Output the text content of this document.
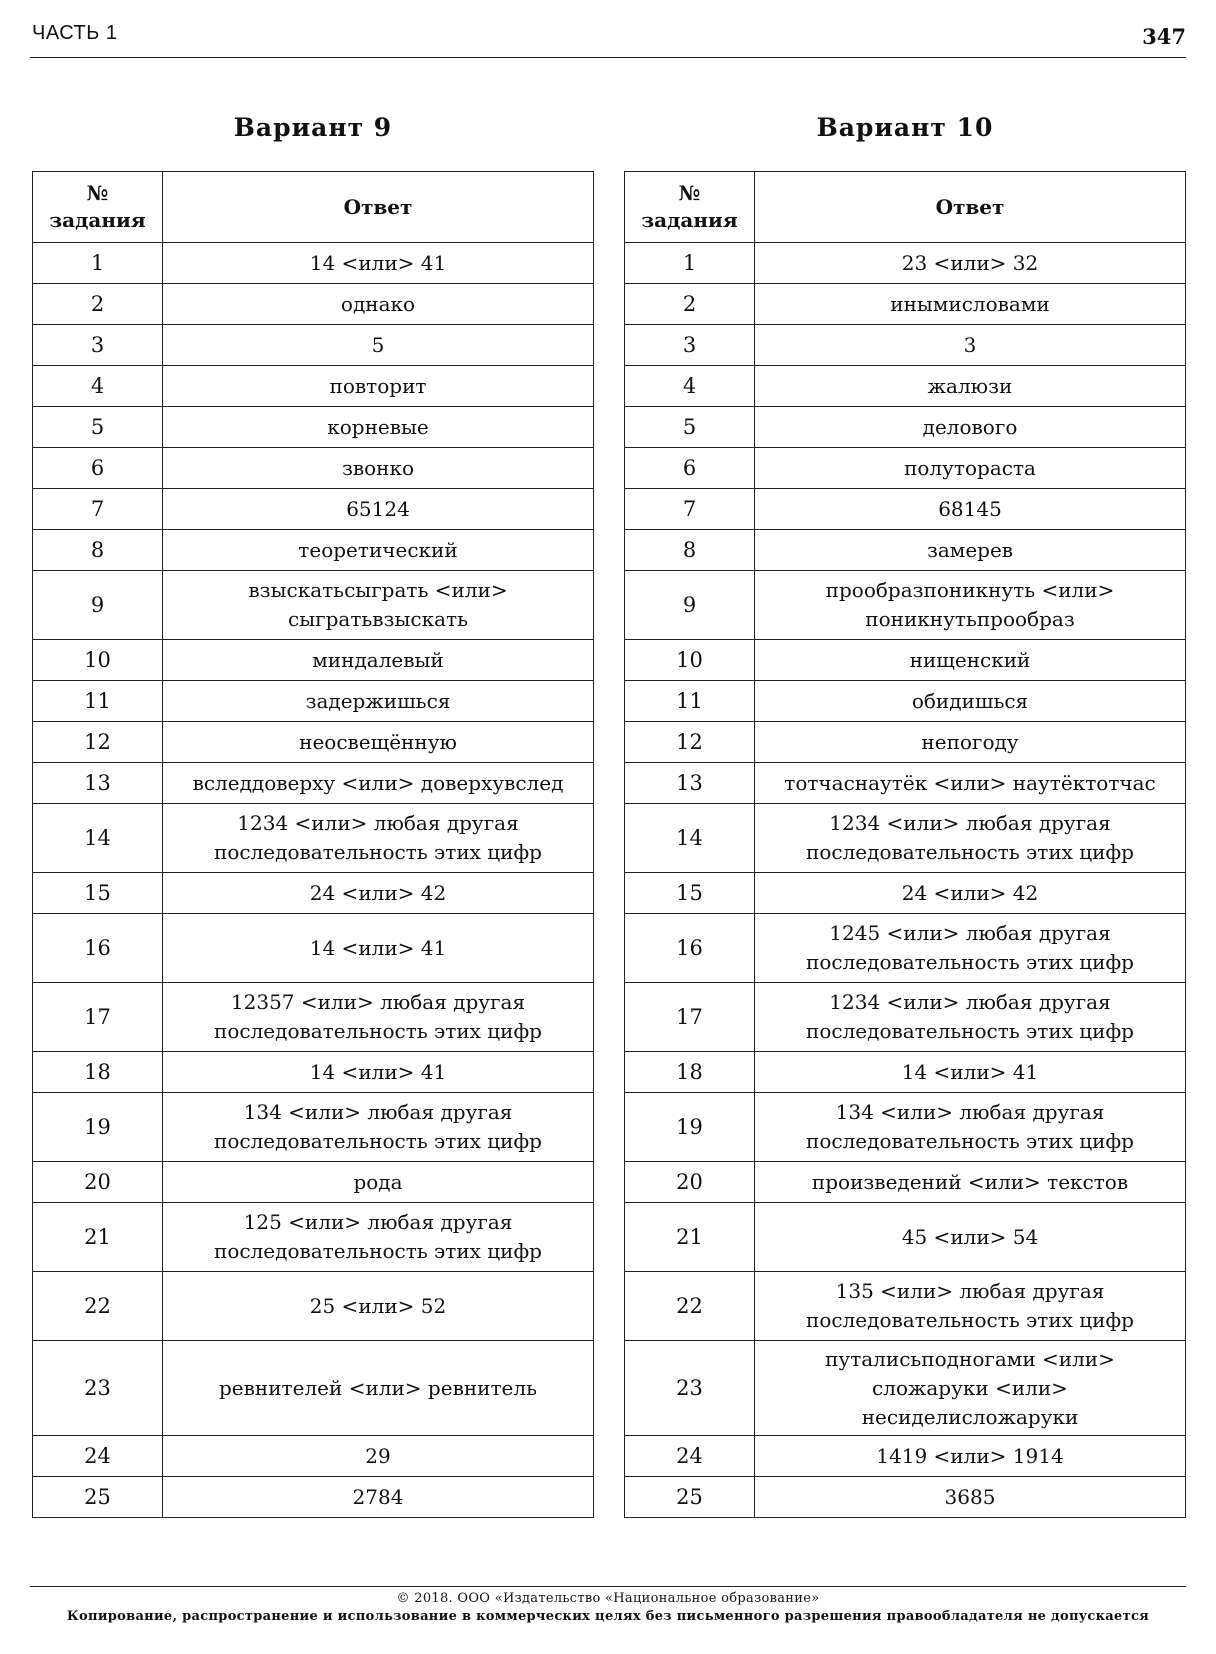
ЧАСТЬ 1	347
Вариант 9	Вариант 10
№
задания	Ответ
1	14 <или> 41
2	однако
3	5
4	повторит
5	корневые
6	звонко
7	65124
8	теоретический
9	взыскатьсыграть <или>
сыгратьвзыскать
10	миндалевый
11	задержишься
12	неосвещённую
13	вследдоверху <или> доверхувслед
14	1234 <или> любая другая
последовательность этих цифр
15	24 <или> 42
16	14 <или> 41
17	12357 <или> любая другая
последовательность этих цифр
18	14 <или> 41
19	134 <или> любая другая
последовательность этих цифр
20	рода
21	125 <или> любая другая
последовательность этих цифр
22	25 <или> 52
23	ревнителей <или> ревнитель
24	29
25	2784
№
задания	Ответ
1	23 <или> 32
2	инымисловами
3	3
4	жалюзи
5	делового
6	полутораста
7	68145
8	замерев
9	прообразпоникнуть <или>
поникнутьпрообраз
10	нищенский
11	обидишься
12	непогоду
13	тотчаснаутёк <или> наутёктотчас
14	1234 <или> любая другая
последовательность этих цифр
15	24 <или> 42
16	1245 <или> любая другая
последовательность этих цифр
17	1234 <или> любая другая
последовательность этих цифр
18	14 <или> 41
19	134 <или> любая другая
последовательность этих цифр
20	произведений <или> текстов
21	45 <или> 54
22	135 <или> любая другая
последовательность этих цифр
23	путалисьподногами <или>
сложаруки <или>
несиделисложаруки
24	1419 <или> 1914
25	3685
© 2018. ООО «Издательство «Национальное образование»
Копирование, распространение и использование в коммерческих целях без письменного разрешения правообладателя не допускается
